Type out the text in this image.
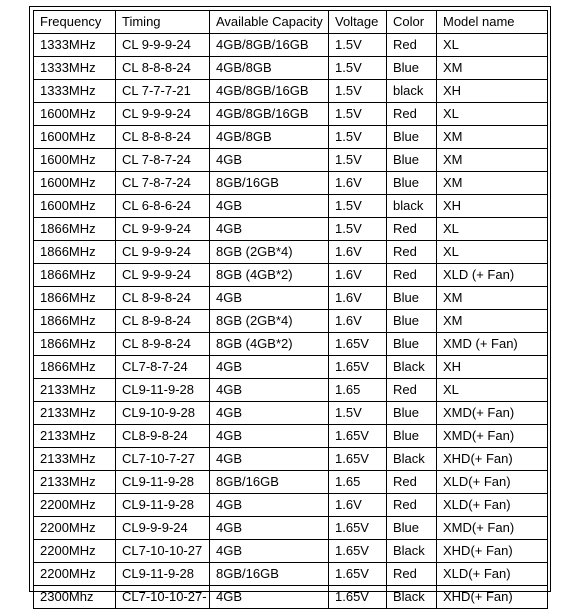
Frequency	Timing	Available Capacity	Voltage	Color	Model name
1333MHz	CL 9-9-9-24	4GB/8GB/16GB	1.5V	Red	XL
1333MHz	CL 8-8-8-24	4GB/8GB	1.5V	Blue	XM
1333MHz	CL 7-7-7-21	4GB/8GB/16GB	1.5V	black	XH
1600MHz	CL 9-9-9-24	4GB/8GB/16GB	1.5V	Red	XL
1600MHz	CL 8-8-8-24	4GB/8GB	1.5V	Blue	XM
1600MHz	CL 7-8-7-24	4GB	1.5V	Blue	XM
1600MHz	CL 7-8-7-24	8GB/16GB	1.6V	Blue	XM
1600MHz	CL 6-8-6-24	4GB	1.5V	black	XH
1866MHz	CL 9-9-9-24	4GB	1.5V	Red	XL
1866MHz	CL 9-9-9-24	8GB (2GB*4)	1.6V	Red	XL
1866MHz	CL 9-9-9-24	8GB (4GB*2)	1.6V	Red	XLD (+ Fan)
1866MHz	CL 8-9-8-24	4GB	1.6V	Blue	XM
1866MHz	CL 8-9-8-24	8GB (2GB*4)	1.6V	Blue	XM
1866MHz	CL 8-9-8-24	8GB (4GB*2)	1.65V	Blue	XMD (+ Fan)
1866MHz	CL7-8-7-24	4GB	1.65V	Black	XH
2133MHz	CL9-11-9-28	4GB	1.65	Red	XL
2133MHz	CL9-10-9-28	4GB	1.5V	Blue	XMD(+ Fan)
2133MHz	CL8-9-8-24	4GB	1.65V	Blue	XMD(+ Fan)
2133MHz	CL7-10-7-27	4GB	1.65V	Black	XHD(+ Fan)
2133MHz	CL9-11-9-28	8GB/16GB	1.65	Red	XLD(+ Fan)
2200MHz	CL9-11-9-28	4GB	1.6V	Red	XLD(+ Fan)
2200MHz	CL9-9-9-24	4GB	1.65V	Blue	XMD(+ Fan)
2200MHz	CL7-10-10-27	4GB	1.65V	Black	XHD(+ Fan)
2200MHz	CL9-11-9-28	8GB/16GB	1.65V	Red	XLD(+ Fan)
2300Mhz	CL7-10-10-27-	4GB	1.65V	Black	XHD(+ Fan)
